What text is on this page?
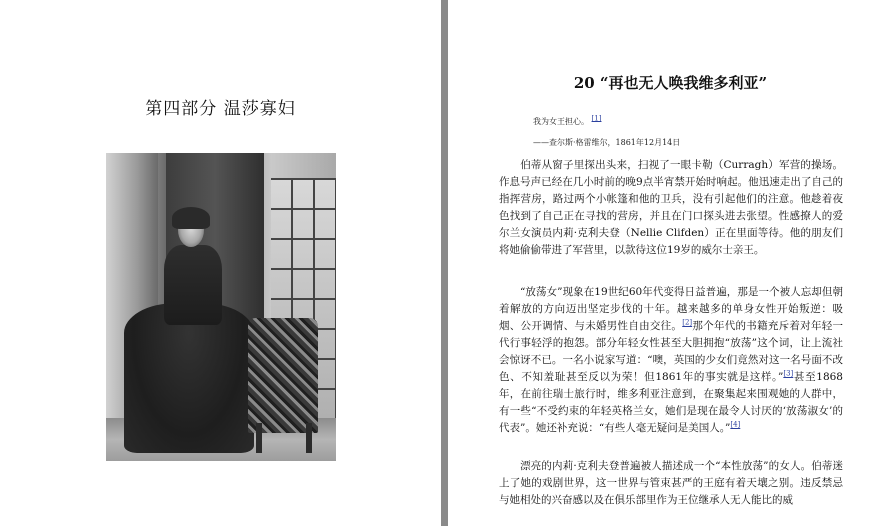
第四部分 温莎寡妇
20 “再也无人唤我维多利亚”
我为女王担心。 [1]
——查尔斯·格雷维尔，1861年12月14日
伯蒂从窗子里探出头来，扫视了一眼卡勒（Curragh）军营的操场。作息号声已经在几小时前的晚9点半宵禁开始时响起。他迅速走出了自己的指挥营房，路过两个小帐篷和他的卫兵，没有引起他们的注意。他趁着夜色找到了自己正在寻找的营房，并且在门口探头进去张望。性感撩人的爱尔兰女演员内莉·克利夫登（Nellie Clifden）正在里面等待。他的朋友们将她偷偷带进了军营里，以款待这位19岁的威尔士亲王。
“放荡女”现象在19世纪60年代变得日益普遍，那是一个被人忘却但朝着解放的方向迈出坚定步伐的十年。越来越多的单身女性开始叛逆：吸烟、公开调情、与未婚男性自由交往。[2]那个年代的书籍充斥着对年轻一代行事轻浮的抱怨。部分年轻女性甚至大胆拥抱“放荡”这个词，让上流社会惊讶不已。一名小说家写道：“噢，英国的少女们竟然对这一名号面不改色、不知羞耻甚至反以为荣！但1861年的事实就是这样。”[3]甚至1868年，在前往瑞士旅行时，维多利亚注意到，在聚集起来围观她的人群中，有一些“不受约束的年轻英格兰女，她们是现在最令人讨厌的‘放荡淑女’的代表”。她还补充说：“有些人毫无疑问是美国人。”[4]
漂亮的内莉·克利夫登普遍被人描述成一个“本性放荡”的女人。伯蒂迷上了她的戏剧世界，这一世界与管束甚严的王庭有着天壤之别。违反禁忌与她相处的兴奋感以及在俱乐部里作为王位继承人无人能比的威
